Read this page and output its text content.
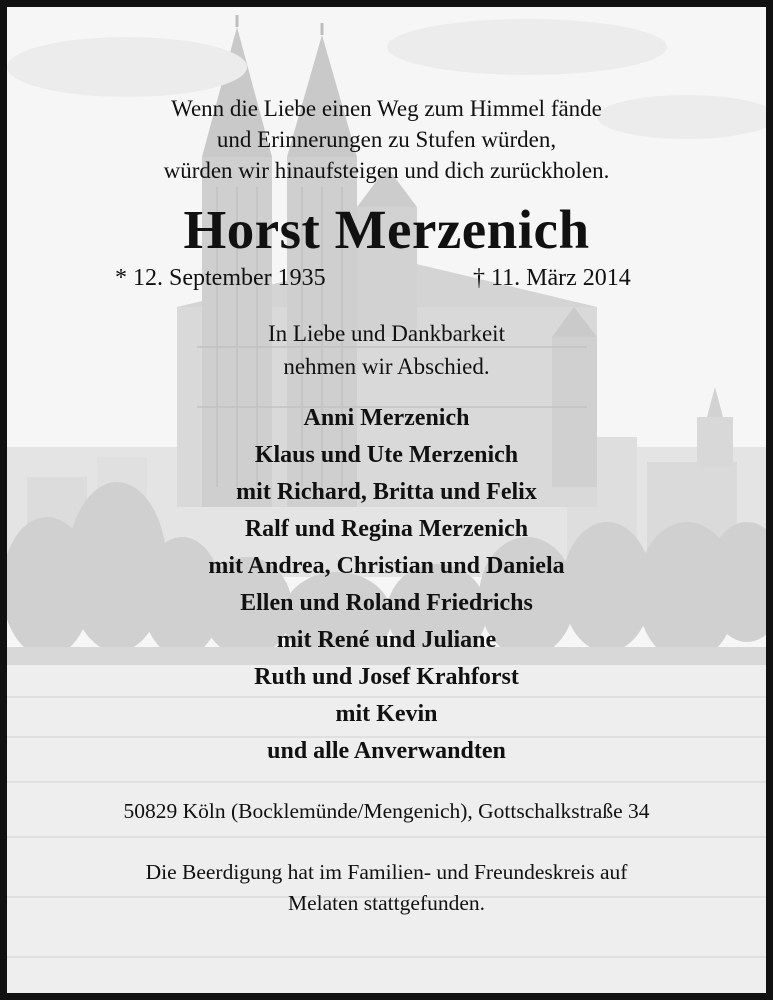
Wenn die Liebe einen Weg zum Himmel fände
und Erinnerungen zu Stufen würden,
würden wir hinaufsteigen und dich zurückholen.
Horst Merzenich
* 12. September 1935	† 11. März 2014
In Liebe und Dankbarkeit
nehmen wir Abschied.
Anni Merzenich
Klaus und Ute Merzenich
mit Richard, Britta und Felix
Ralf und Regina Merzenich
mit Andrea, Christian und Daniela
Ellen und Roland Friedrichs
mit René und Juliane
Ruth und Josef Krahforst
mit Kevin
und alle Anverwandten
50829 Köln (Bocklemünde/Mengenich), Gottschalkstraße 34
Die Beerdigung hat im Familien- und Freundeskreis auf
Melaten stattgefunden.
